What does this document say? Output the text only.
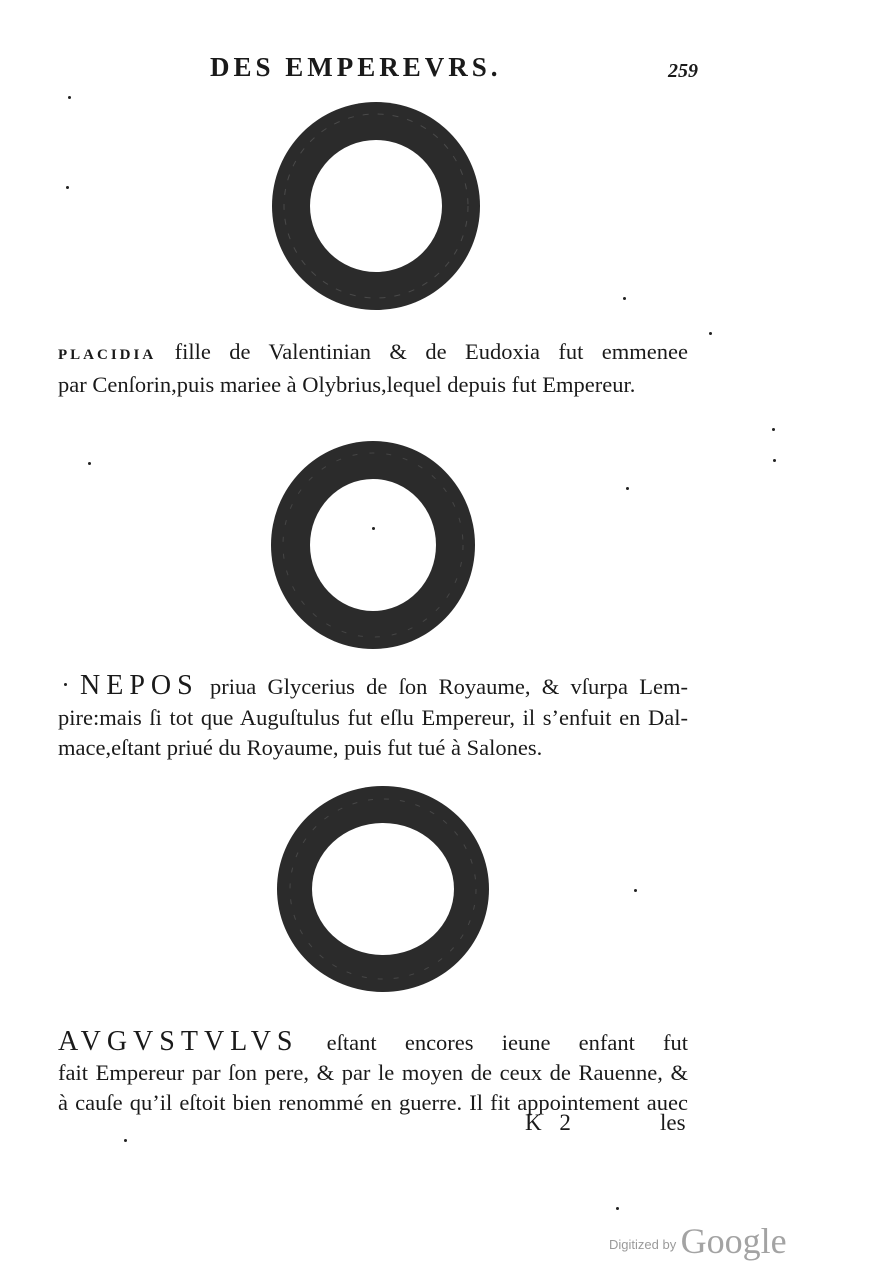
DES EMPEREVRS.	259
PLACIDIA fille de Valentinian & de Eudoxia fut emmenee
par Cenſorin,puis mariee à Olybrius,lequel depuis fut Empereur.
NEPOS priua Glycerius de ſon Royaume, & vſurpa Lem-
pire:mais ſi tot que Auguſtulus fut eſlu Empereur, il s’enfuit en Dal-
mace,eſtant priué du Royaume, puis fut tué à Salones.
AVGVSTVLVS eſtant encores ieune enfant fut
fait Empereur par ſon pere, & par le moyen de ceux de Rauenne, &
à cauſe qu’il eſtoit bien renommé en guerre. Il fit appointement auec
K 2	les
$^{Digitized by}$ Google
